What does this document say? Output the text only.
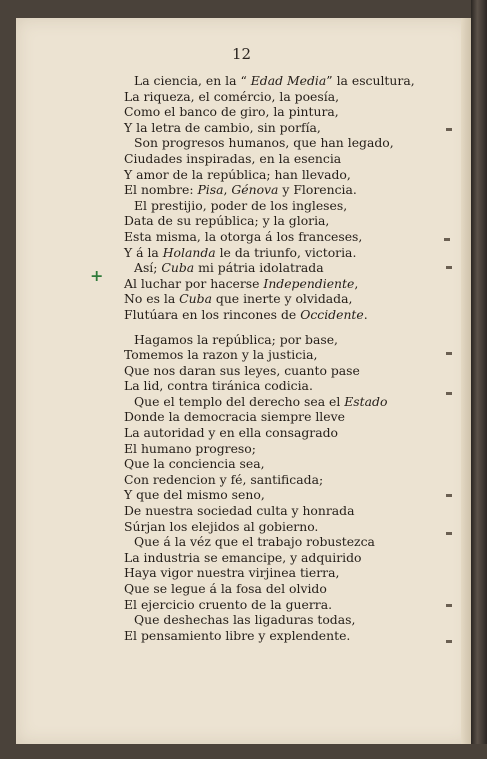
12
+
La ciencia, en la “ Edad Media” la escultura,
La riqueza, el comércio, la poesía,
Como el banco de giro, la pintura,
Y la letra de cambio, sin porfía,
Son progresos humanos, que han legado,
Ciudades inspiradas, en la esencia
Y amor de la república; han llevado,
El nombre: Pisa, Génova y Florencia.
El prestijio, poder de los ingleses,
Data de su república; y la gloria,
Esta misma, la otorga á los franceses,
Y á la Holanda le da triunfo, victoria.
Así; Cuba mi pátria idolatrada
Al luchar por hacerse Independiente,
No es la Cuba que inerte y olvidada,
Flutúara en los rincones de Occidente.
Hagamos la república; por base,
Tomemos la razon y la justicia,
Que nos daran sus leyes, cuanto pase
La lid, contra tiránica codicia.
Que el templo del derecho sea el Estado
Donde la democracia siempre lleve
La autoridad y en ella consagrado
El humano progreso;
Que la conciencia sea,
Con redencion y fé, santificada;
Y que del mismo seno,
De nuestra sociedad culta y honrada
Súrjan los elejidos al gobierno.
Que á la véz que el trabajo robustezca
La industria se emancipe, y adquirido
Haya vigor nuestra virjinea tierra,
Que se legue á la fosa del olvido
El ejercicio cruento de la guerra.
Que deshechas las ligaduras todas,
El pensamiento libre y explendente.
